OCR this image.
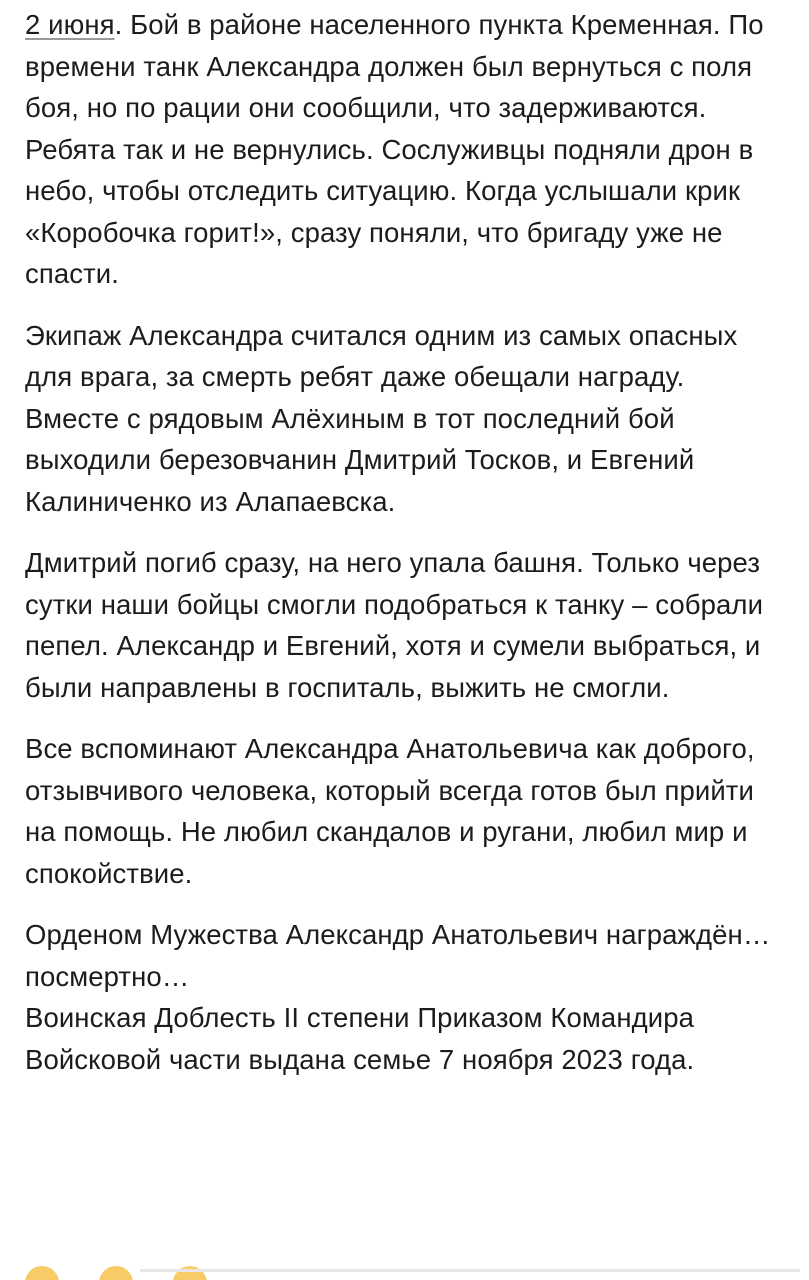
2 июня. Бой в районе населенного пункта Кременная. По времени танк Александра должен был вернуться с поля боя, но по рации они сообщили, что задерживаются. Ребята так и не вернулись. Сослуживцы подняли дрон в небо, чтобы отследить ситуацию. Когда услышали крик «Коробочка горит!», сразу поняли, что бригаду уже не спасти.

Экипаж Александра считался одним из самых опасных для врага, за смерть ребят даже обещали награду. Вместе с рядовым Алёхиным в тот последний бой выходили березовчанин Дмитрий Тосков, и Евгений Калиниченко из Алапаевска.

Дмитрий погиб сразу, на него упала башня. Только через сутки наши бойцы смогли подобраться к танку – собрали пепел. Александр и Евгений, хотя и сумели выбраться, и были направлены в госпиталь, выжить не смогли.

Все вспоминают Александра Анатольевича как доброго, отзывчивого человека, который всегда готов был прийти на помощь. Не любил скандалов и ругани, любил мир и спокойствие.

Орденом Мужества Александр Анатольевич награждён… посмертно…
Воинская Доблесть II степени Приказом Командира Войсковой части выдана семье 7 ноября 2023 года.
